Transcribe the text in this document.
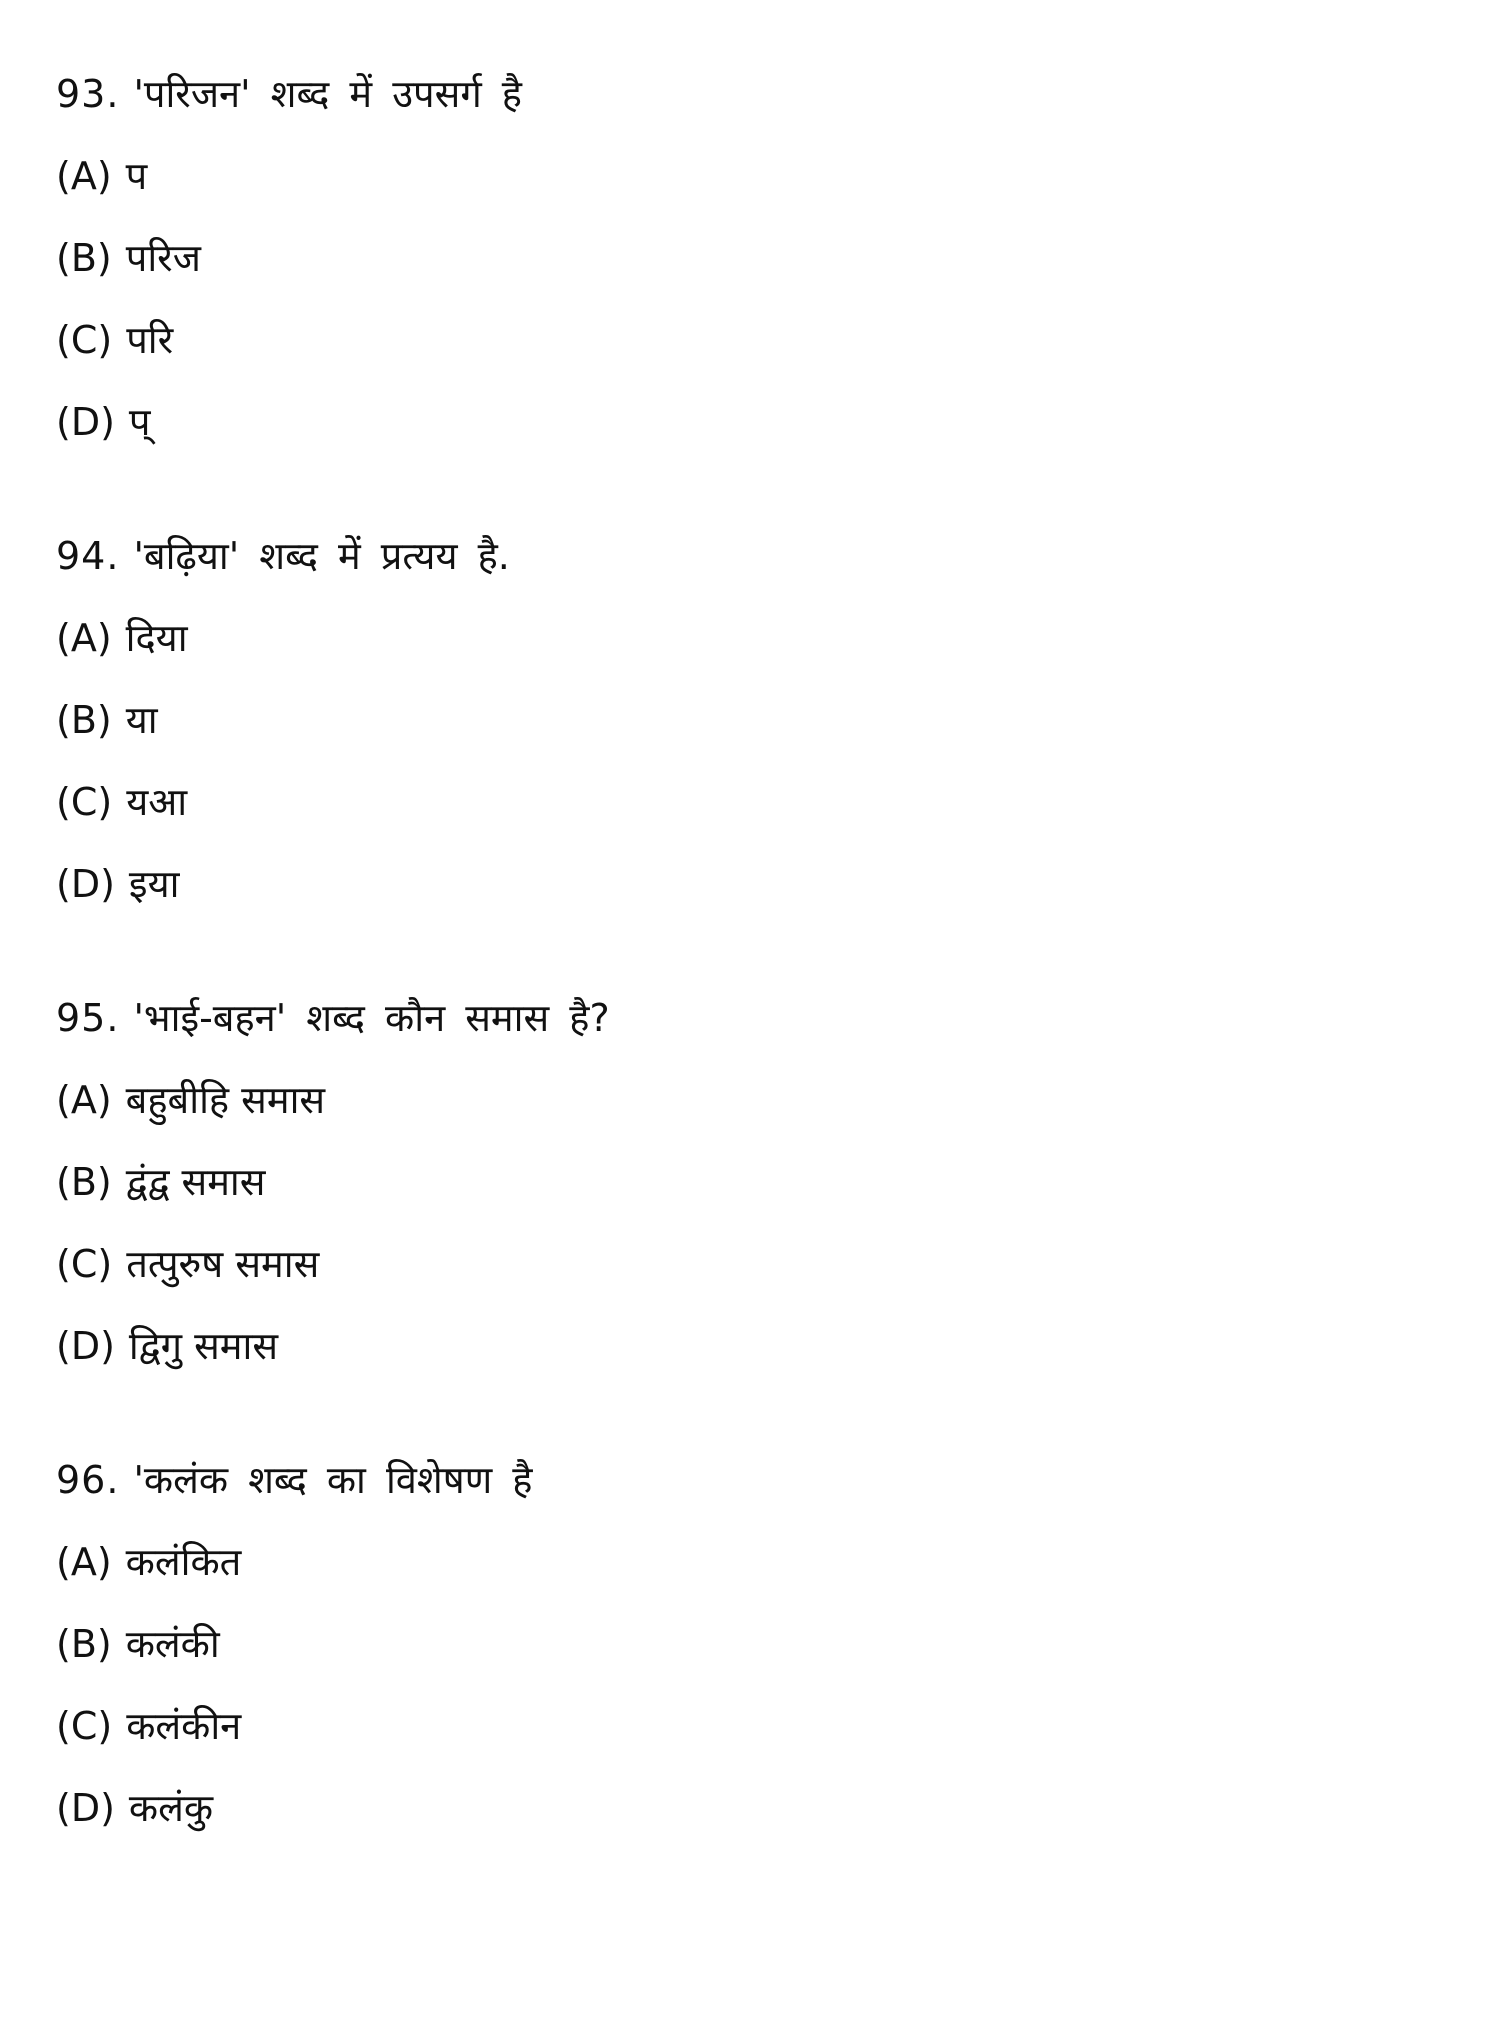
93. 'परिजन' शब्द में उपसर्ग है
(A) प
(B) परिज
(C) परि
(D) प्
94. 'बढ़िया' शब्द में प्रत्यय है.
(A) दिया
(B) या
(C) यआ
(D) इया
95. 'भाई-बहन' शब्द कौन समास है?
(A) बहुबीहि समास
(B) द्वंद्व समास
(C) तत्पुरुष समास
(D) द्विगु समास
96. 'कलंक शब्द का विशेषण है
(A) कलंकित
(B) कलंकी
(C) कलंकीन
(D) कलंकु
